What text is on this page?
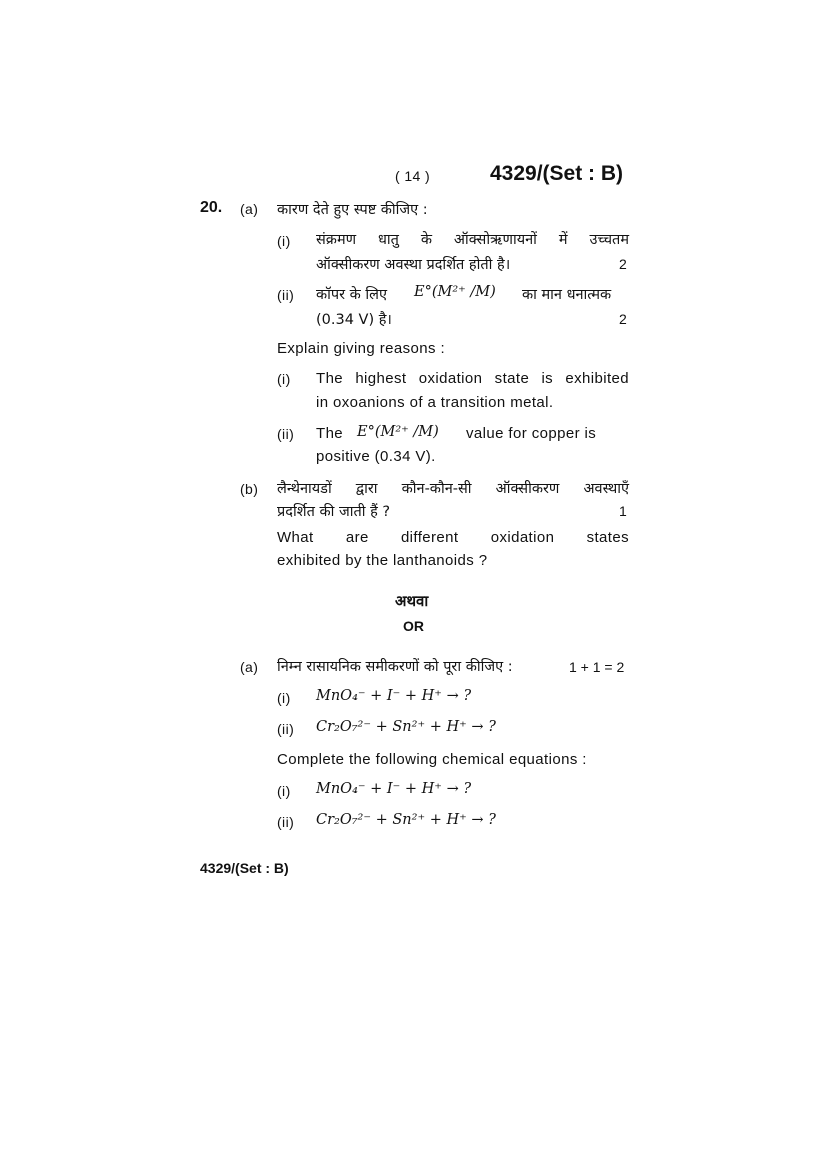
( 14 )	4329/(Set : B)
20. (a) कारण देते हुए स्पष्ट कीजिए :
(i) संक्रमण धातु के ऑक्सोऋणायनों में उच्चतम
ऑक्सीकरण अवस्था प्रदर्शित होती है।	2
(ii) कॉपर के लिए E°(M²⁺ /M) का मान धनात्मक
(0.34 V) है।	2
Explain giving reasons :
(i) The highest oxidation state is exhibited
in oxoanions of a transition metal.
(ii) The E°(M²⁺ /M) value for copper is
positive (0.34 V).
(b) लैन्थेनायडों द्वारा कौन-कौन-सी ऑक्सीकरण अवस्थाएँ
प्रदर्शित की जाती हैं ?	1
What are different oxidation states
exhibited by the lanthanoids ?
अथवा
OR
(a) निम्न रासायनिक समीकरणों को पूरा कीजिए :	1 + 1 = 2
(i) MnO₄⁻ + I⁻ + H⁺ → ?
(ii) Cr₂O₇²⁻ + Sn²⁺ + H⁺ → ?
Complete the following chemical equations :
(i) MnO₄⁻ + I⁻ + H⁺ → ?
(ii) Cr₂O₇²⁻ + Sn²⁺ + H⁺ → ?
4329/(Set : B)
